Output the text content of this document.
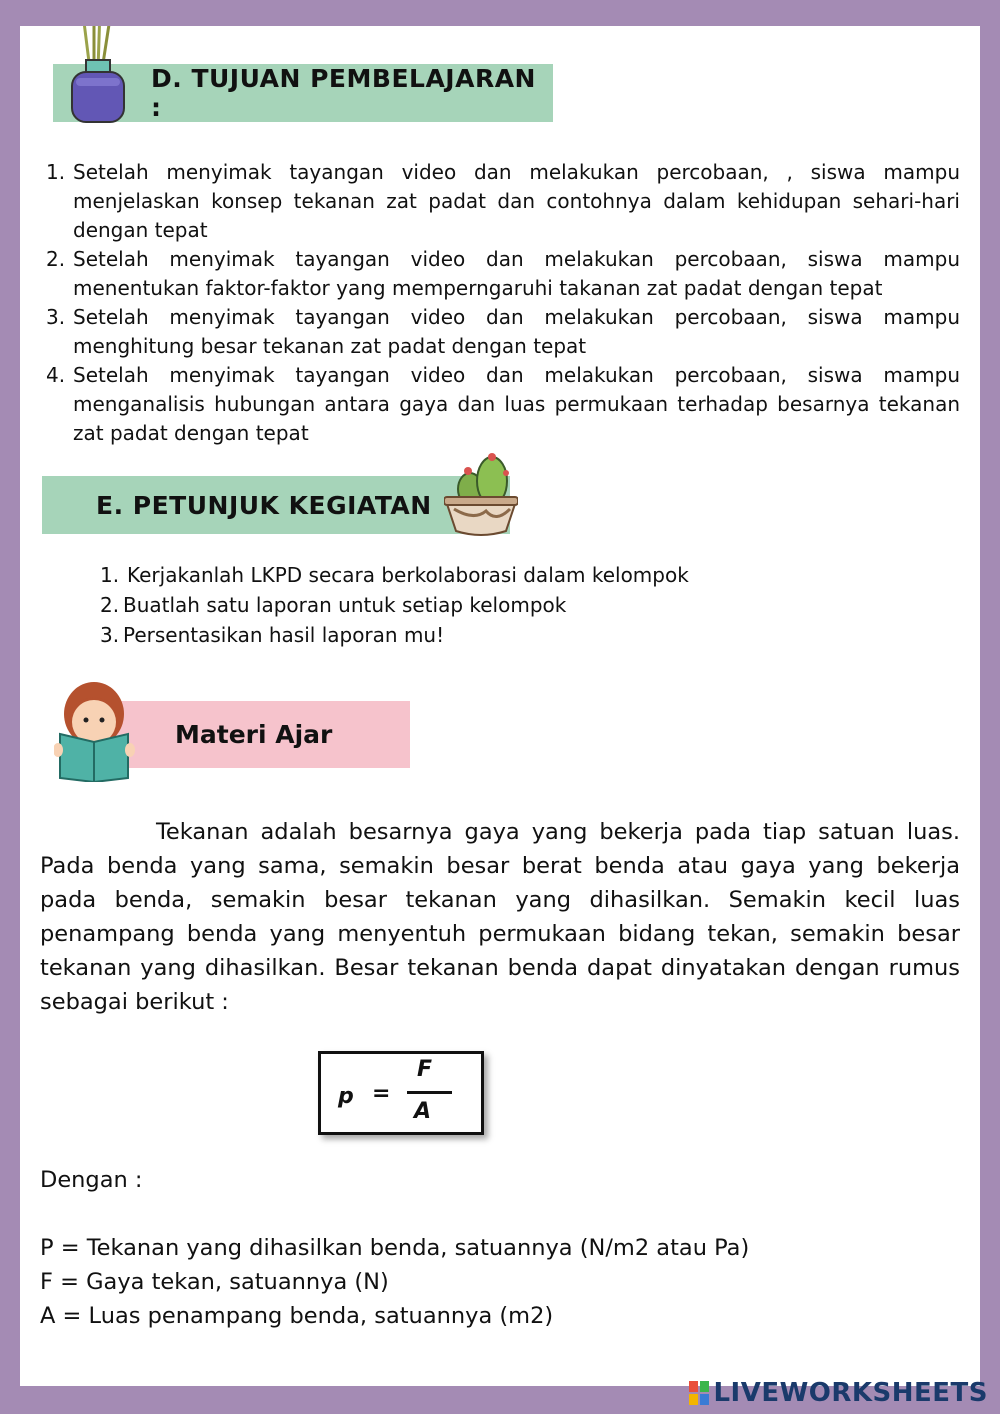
D. TUJUAN PEMBELAJARAN :
1. Setelah menyimak tayangan video dan melakukan percobaan, , siswa mampu menjelaskan konsep tekanan zat padat dan contohnya dalam kehidupan sehari-hari dengan tepat
2. Setelah menyimak tayangan video dan melakukan percobaan, siswa mampu menentukan faktor-faktor yang memperngaruhi takanan zat padat dengan tepat
3. Setelah menyimak tayangan video dan melakukan percobaan, siswa mampu menghitung besar tekanan zat padat dengan tepat
4. Setelah menyimak tayangan video dan melakukan percobaan, siswa mampu menganalisis hubungan antara gaya dan luas permukaan terhadap besarnya tekanan zat padat dengan tepat
E. PETUNJUK KEGIATAN
1. Kerjakanlah LKPD secara berkolaborasi dalam kelompok
2. Buatlah satu laporan untuk setiap kelompok
3. Persentasikan hasil laporan mu!
Materi Ajar

Tekanan adalah besarnya gaya yang bekerja pada tiap satuan luas. Pada benda yang sama, semakin besar berat benda atau gaya yang bekerja pada benda, semakin besar tekanan yang dihasilkan. Semakin kecil luas penampang benda yang menyentuh permukaan bidang tekan, semakin besar tekanan yang dihasilkan. Besar tekanan benda dapat dinyatakan dengan rumus sebagai berikut :

p =
F
A
Dengan :
P = Tekanan yang dihasilkan benda, satuannya (N/m2 atau Pa)
F = Gaya tekan, satuannya (N)
A = Luas penampang benda, satuannya (m2)
LIVEWORKSHEETS
